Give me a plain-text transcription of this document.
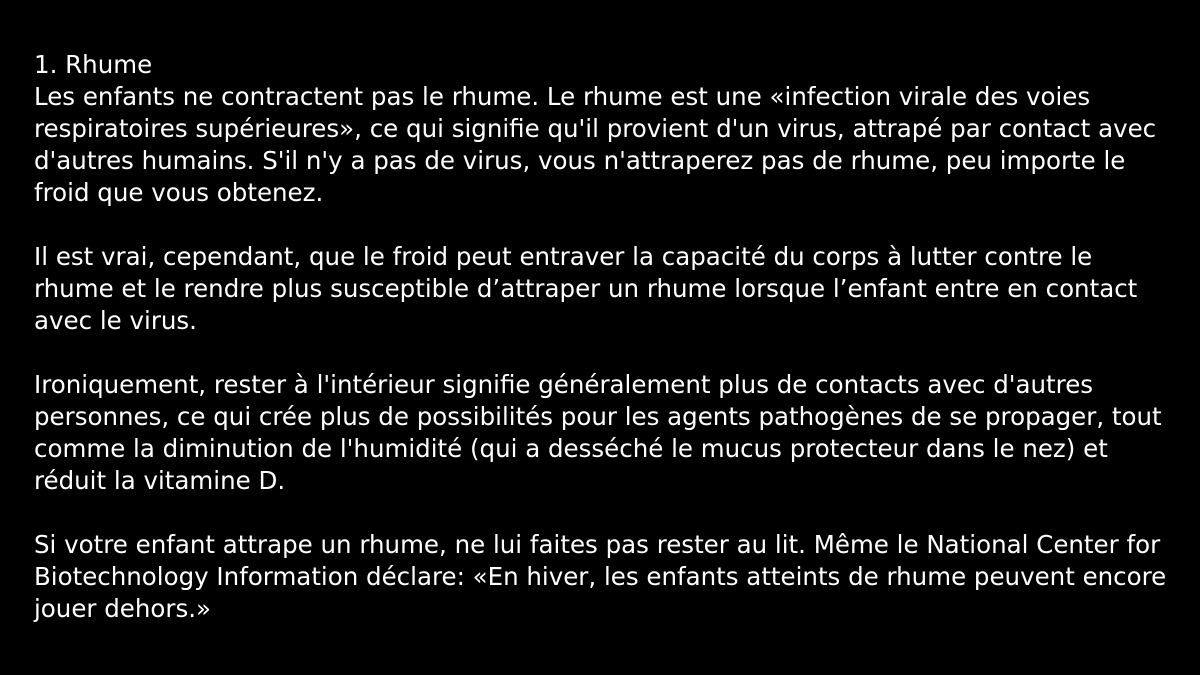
1. Rhume

Les enfants ne contractent pas le rhume. Le rhume est une «infection virale des voies respiratoires supérieures», ce qui signifie qu'il provient d'un virus, attrapé par contact avec d'autres humains. S'il n'y a pas de virus, vous n'attraperez pas de rhume, peu importe le froid que vous obtenez.

Il est vrai, cependant, que le froid peut entraver la capacité du corps à lutter contre le rhume et le rendre plus susceptible d’attraper un rhume lorsque l’enfant entre en contact avec le virus.

Ironiquement, rester à l'intérieur signifie généralement plus de contacts avec d'autres personnes, ce qui crée plus de possibilités pour les agents pathogènes de se propager, tout comme la diminution de l'humidité (qui a desséché le mucus protecteur dans le nez) et réduit la vitamine D.

Si votre enfant attrape un rhume, ne lui faites pas rester au lit. Même le National Center for Biotechnology Information déclare: «En hiver, les enfants atteints de rhume peuvent encore jouer dehors.»
